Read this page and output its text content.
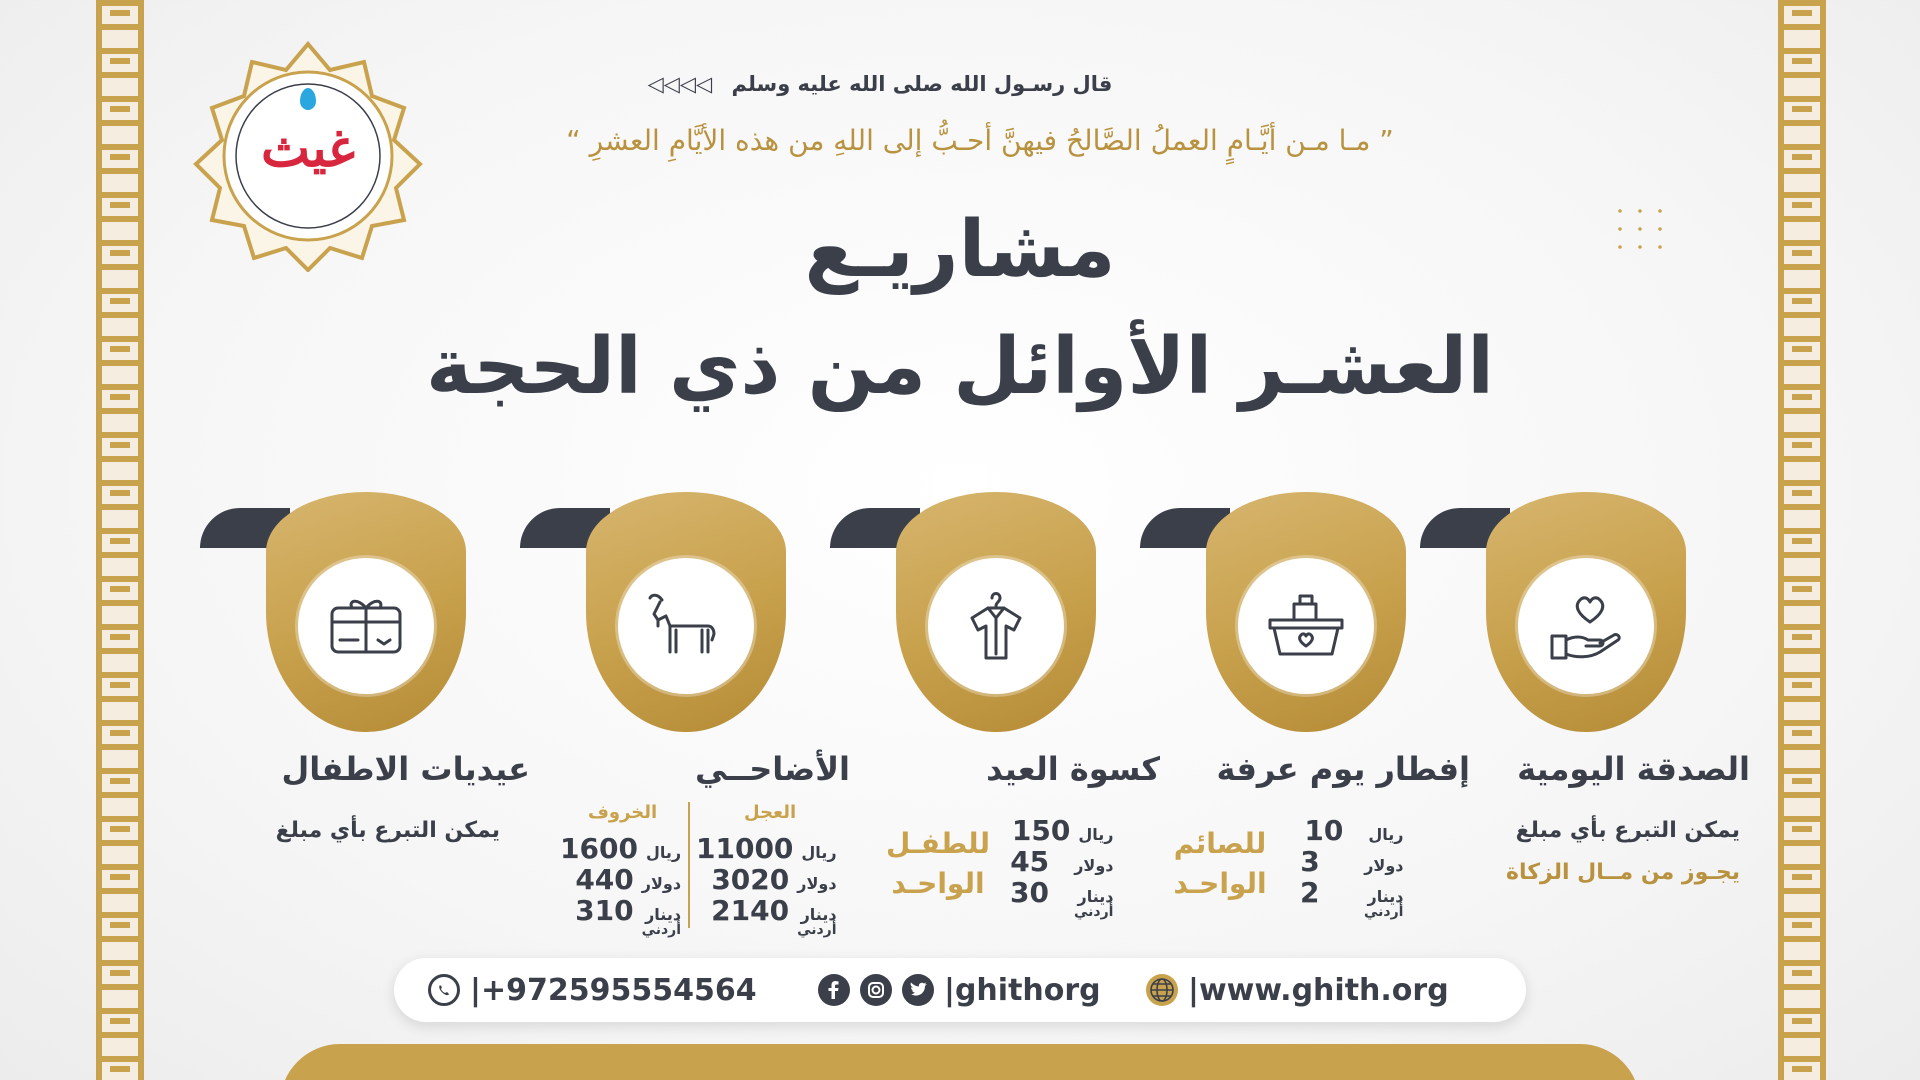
غيث
قال رسـول الله صلى الله عليه وسلم ◁◁◁◁
” مـا مـن أيَّـامٍ العملُ الصَّالحُ فيهنَّ أحـبُّ إلى اللهِ من هذه الأيَّامِ العشرِ “
مشاريـع
العشـر الأوائل من ذي الحجة
الصدقة اليومية
يمكن التبرع بأي مبلغ
يجـوز من مــال الزكاة
إفطار يوم عرفة
ريال
10
دولار
3
دينار
أردني
2
للصائم
الواحـد
كسوة العيد
ريال
150
دولار
45
دينار
أردني
30
للطفـل
الواحـد
الأضاحــي
العجل
الخروف
ريال
11000
دولار
3020
دينار
أردني
2140
ريال
1600
دولار
440
دينار
أردني
310
عيديات الاطفال
يمكن التبرع بأي مبلغ
|+972595554564	|ghithorg	|www.ghith.org
